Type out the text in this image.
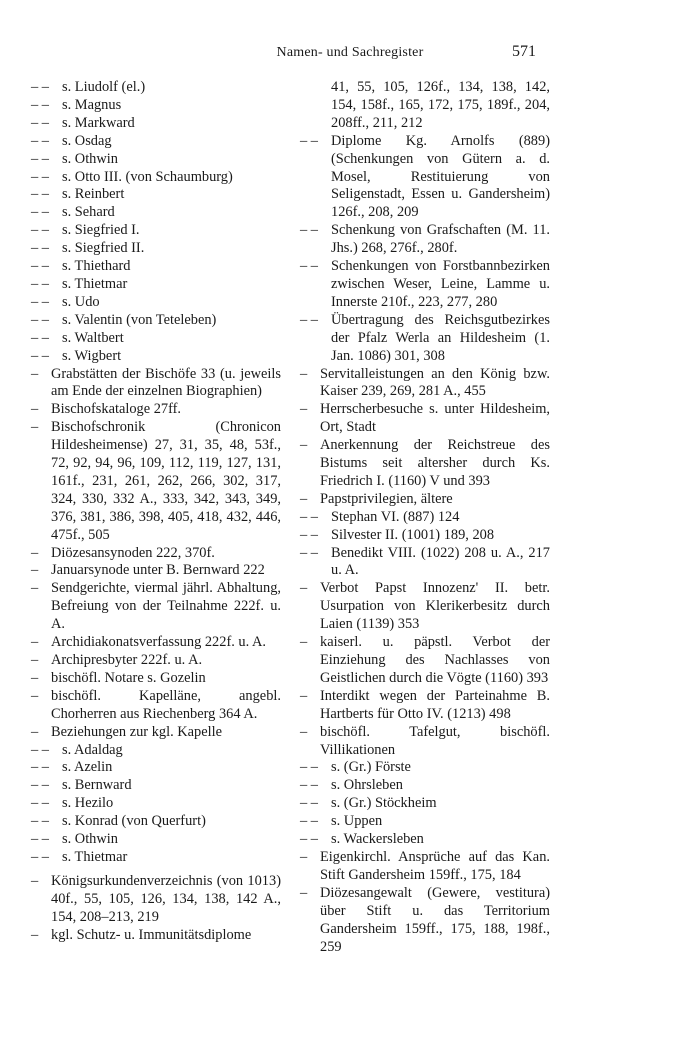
Namen- und Sachregister	571
– – s. Liudolf (el.)
– – s. Magnus
– – s. Markward
– – s. Osdag
– – s. Othwin
– – s. Otto III. (von Schaumburg)
– – s. Reinbert
– – s. Sehard
– – s. Siegfried I.
– – s. Siegfried II.
– – s. Thiethard
– – s. Thietmar
– – s. Udo
– – s. Valentin (von Teteleben)
– – s. Waltbert
– – s. Wigbert
– Grabstätten der Bischöfe 33 (u. jeweils am Ende der einzelnen Biographien)
– Bischofskataloge 27ff.
– Bischofschronik (Chronicon Hildesheimense) 27, 31, 35, 48, 53f., 72, 92, 94, 96, 109, 112, 119, 127, 131, 161f., 231, 261, 262, 266, 302, 317, 324, 330, 332 A., 333, 342, 343, 349, 376, 381, 386, 398, 405, 418, 432, 446, 475f., 505
– Diözesansynoden 222, 370f.
– Januarsynode unter B. Bernward 222
– Sendgerichte, viermal jährl. Abhaltung, Befreiung von der Teilnahme 222f. u. A.
– Archidiakonatsverfassung 222f. u. A.
– Archipresbyter 222f. u. A.
– bischöfl. Notare s. Gozelin
– bischöfl. Kapelläne, angebl. Chorherren aus Riechenberg 364 A.
– Beziehungen zur kgl. Kapelle
– – s. Adaldag
– – s. Azelin
– – s. Bernward
– – s. Hezilo
– – s. Konrad (von Querfurt)
– – s. Othwin
– – s. Thietmar
– Königsurkundenverzeichnis (von 1013) 40f., 55, 105, 126, 134, 138, 142 A., 154, 208–213, 219
– kgl. Schutz- u. Immunitätsdiplome
41, 55, 105, 126f., 134, 138, 142, 154, 158f., 165, 172, 175, 189f., 204, 208ff., 211, 212
– – Diplome Kg. Arnolfs (889) (Schenkungen von Gütern a. d. Mosel, Restituierung von Seligenstadt, Essen u. Gandersheim) 126f., 208, 209
– – Schenkung von Grafschaften (M. 11. Jhs.) 268, 276f., 280f.
– – Schenkungen von Forstbannbezirken zwischen Weser, Leine, Lamme u. Innerste 210f., 223, 277, 280
– – Übertragung des Reichsgutbezirkes der Pfalz Werla an Hildesheim (1. Jan. 1086) 301, 308
– Servitalleistungen an den König bzw. Kaiser 239, 269, 281 A., 455
– Herrscherbesuche s. unter Hildesheim, Ort, Stadt
– Anerkennung der Reichstreue des Bistums seit altersher durch Ks. Friedrich I. (1160) V und 393
– Papstprivilegien, ältere
– – Stephan VI. (887) 124
– – Silvester II. (1001) 189, 208
– – Benedikt VIII. (1022) 208 u. A., 217 u. A.
– Verbot Papst Innozenz' II. betr. Usurpation von Klerikerbesitz durch Laien (1139) 353
– kaiserl. u. päpstl. Verbot der Einziehung des Nachlasses von Geistlichen durch die Vögte (1160) 393
– Interdikt wegen der Parteinahme B. Hartberts für Otto IV. (1213) 498
– bischöfl. Tafelgut, bischöfl. Villikationen
– – s. (Gr.) Förste
– – s. Ohrsleben
– – s. (Gr.) Stöckheim
– – s. Uppen
– – s. Wackersleben
– Eigenkirchl. Ansprüche auf das Kan. Stift Gandersheim 159ff., 175, 184
– Diözesangewalt (Gewere, vestitura) über Stift u. das Territorium Gandersheim 159ff., 175, 188, 198f., 259
